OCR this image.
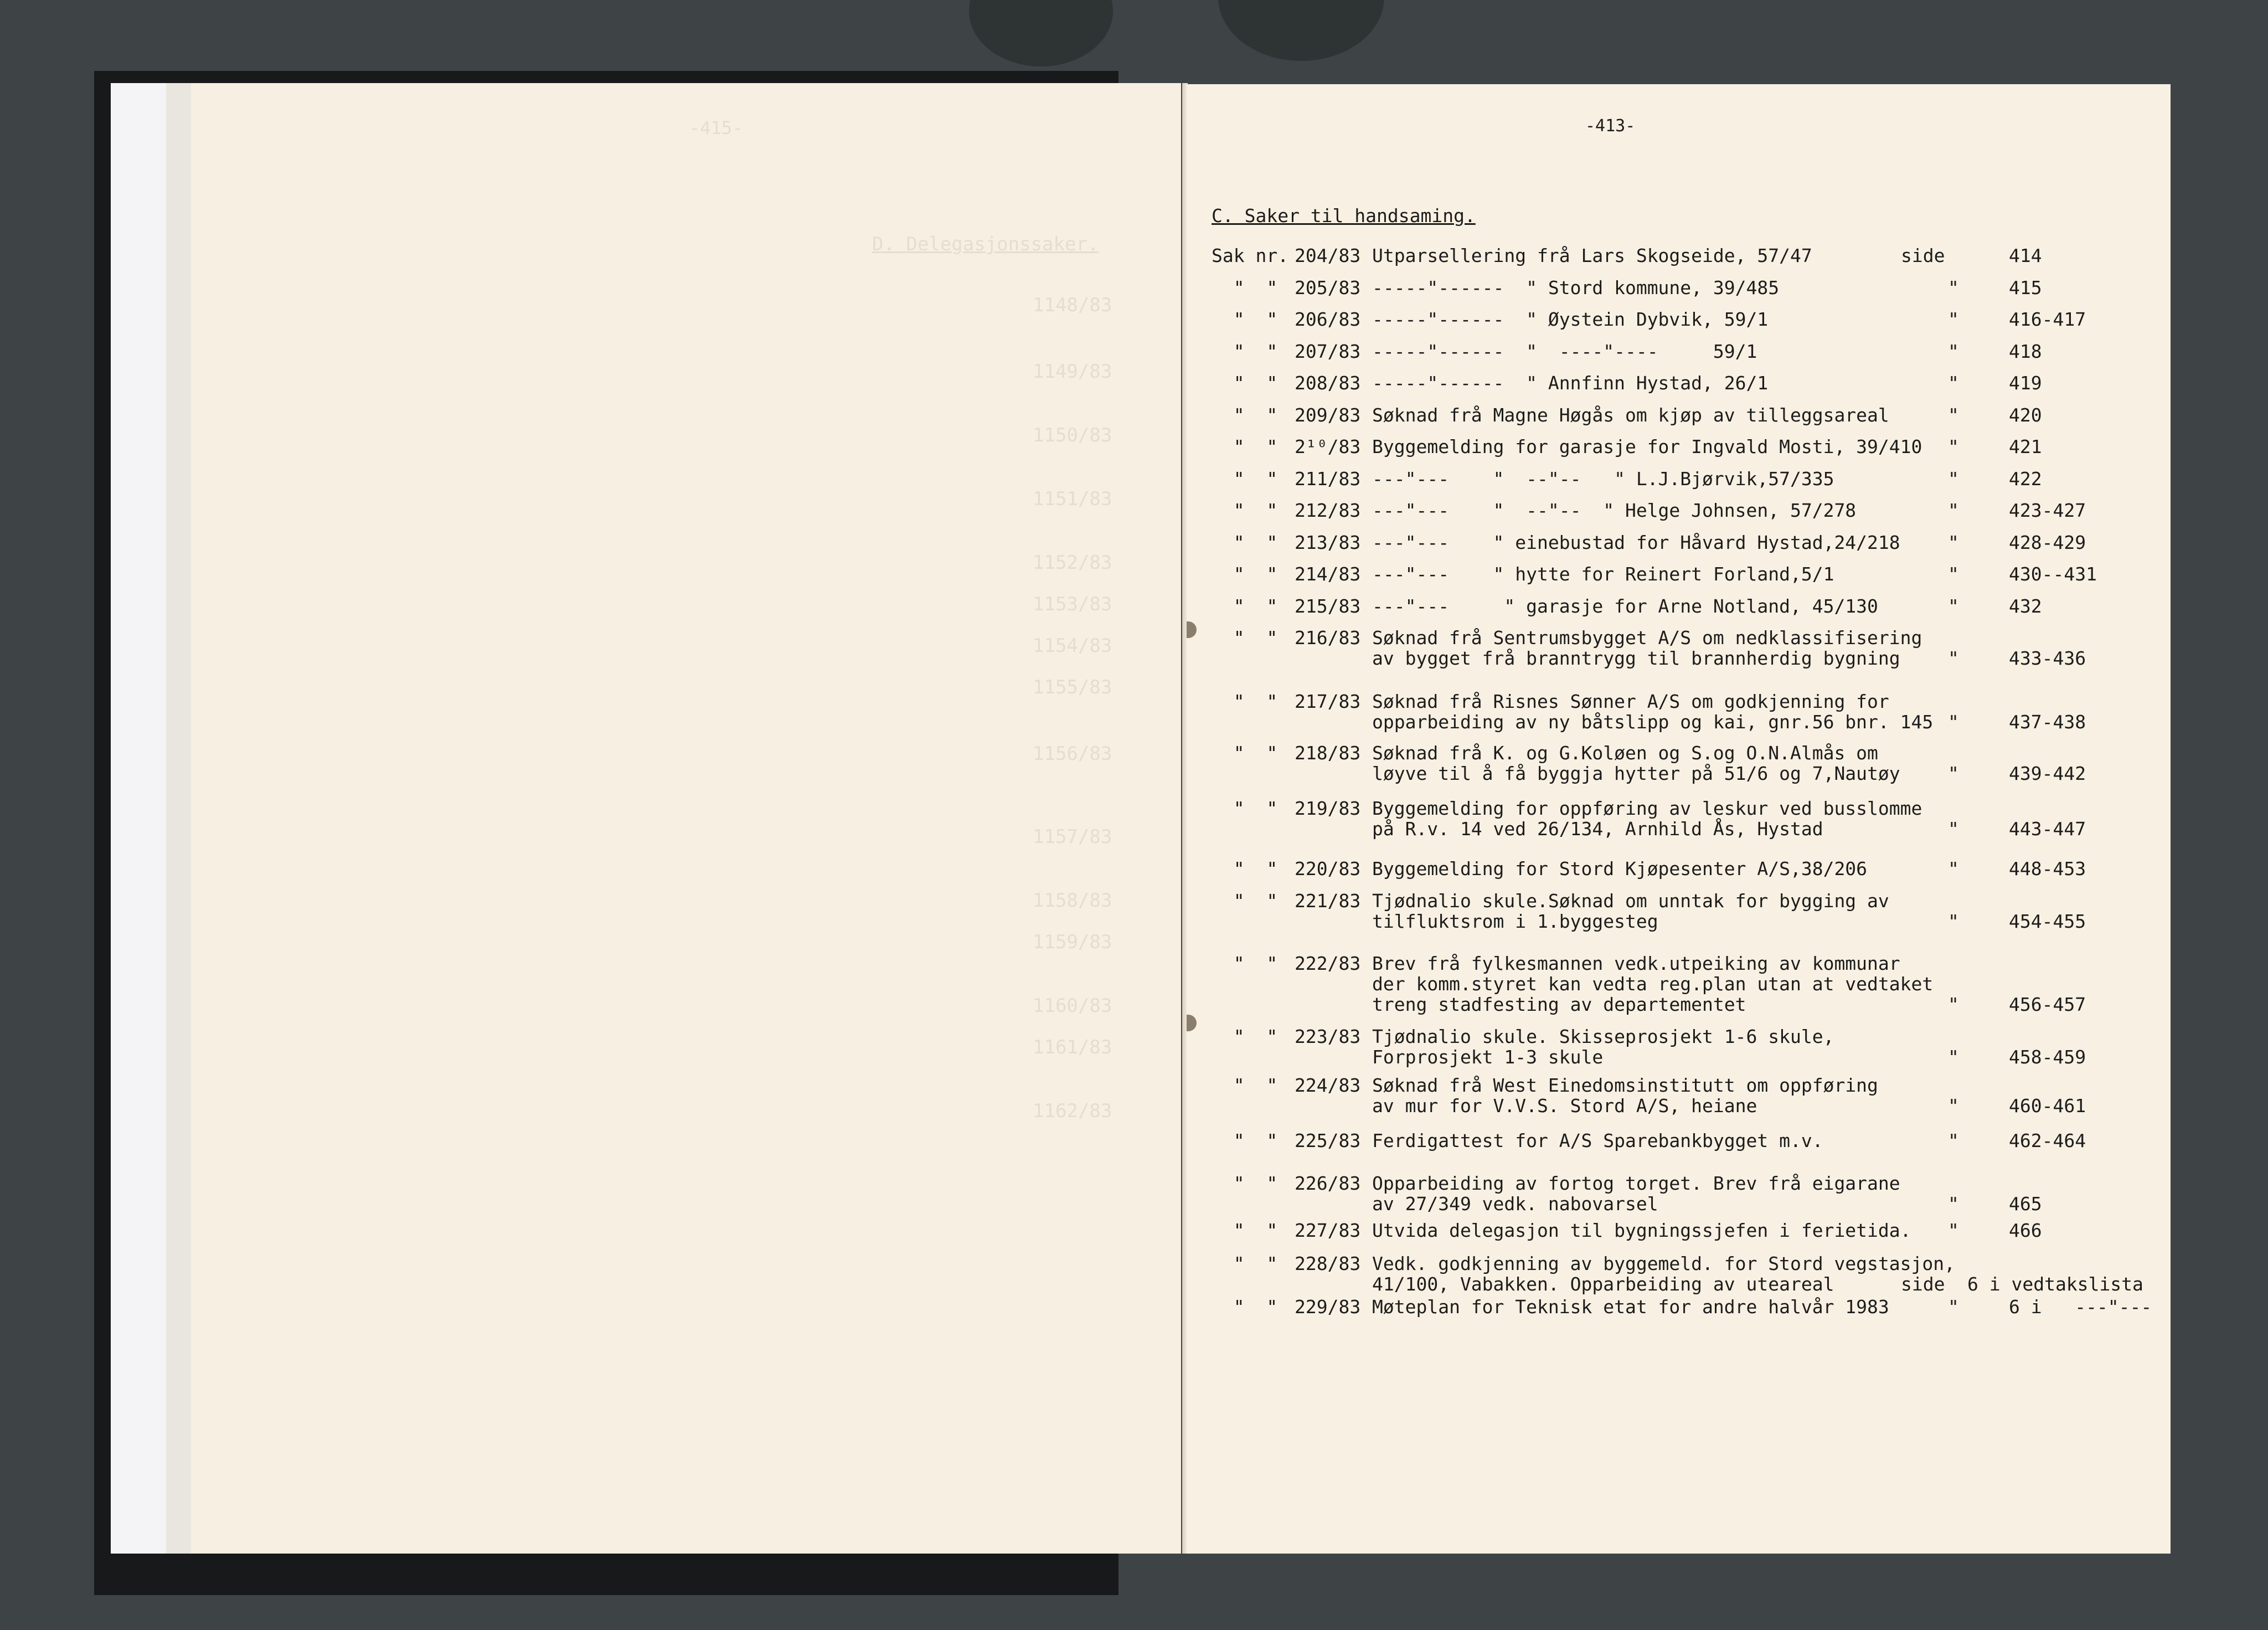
-415-
D. Delegasjonssaker.
1148/83
1149/83
1150/83
1151/83
1152/83
1153/83
1154/83
1155/83
1156/83
1157/83
1158/83
1159/83
1160/83
1161/83
1162/83
-413-
C. Saker til handsaming.
Sak nr. 204/83 Utparsellering frå Lars Skogseide, 57/47	side	414
"  " 205/83 -----"------  " Stord kommune, 39/485	"	415
"  " 206/83 -----"------  " Øystein Dybvik, 59/1	"	416-417
"  " 207/83 -----"------  "  ----"----     59/1	"	418
"  " 208/83 -----"------  " Annfinn Hystad, 26/1	"	419
"  " 209/83 Søknad frå Magne Høgås om kjøp av tilleggsareal	"	420
"  " 2¹⁰/83 Byggemelding for garasje for Ingvald Mosti, 39/410 "	421
"  " 211/83 ---"---    "  --"--   " L.J.Bjørvik,57/335	"	422
"  " 212/83 ---"---    "  --"--  " Helge Johnsen, 57/278	"	423-427
"  " 213/83 ---"---    " einebustad for Håvard Hystad,24/218	"	428-429
"  " 214/83 ---"---    " hytte for Reinert Forland,5/1	"	430--431
"  " 215/83 ---"---     " garasje for Arne Notland, 45/130	"	432
"  " 216/83 Søknad frå Sentrumsbygget A/S om nedklassifisering
av bygget frå branntrygg til brannherdig bygning	"	433-436
"  " 217/83 Søknad frå Risnes Sønner A/S om godkjenning for
opparbeiding av ny båtslipp og kai, gnr.56 bnr. 145 "	437-438
"  " 218/83 Søknad frå K. og G.Koløen og S.og O.N.Almås om
løyve til å få byggja hytter på 51/6 og 7,Nautøy	"	439-442
"  " 219/83 Byggemelding for oppføring av leskur ved busslomme
på R.v. 14 ved 26/134, Arnhild Ås, Hystad	"	443-447
"  " 220/83 Byggemelding for Stord Kjøpesenter A/S,38/206	"	448-453
"  " 221/83 Tjødnalio skule.Søknad om unntak for bygging av
tilfluktsrom i 1.byggesteg	"	454-455
"  " 222/83 Brev frå fylkesmannen vedk.utpeiking av kommunar
der komm.styret kan vedta reg.plan utan at vedtaket
treng stadfesting av departementet	"	456-457
"  " 223/83 Tjødnalio skule. Skisseprosjekt 1-6 skule,
Forprosjekt 1-3 skule	"	458-459
"  " 224/83 Søknad frå West Einedomsinstitutt om oppføring
av mur for V.V.S. Stord A/S, heiane	"	460-461
"  " 225/83 Ferdigattest for A/S Sparebankbygget m.v.	"	462-464
"  " 226/83 Opparbeiding av fortog torget. Brev frå eigarane
av 27/349 vedk. nabovarsel	"	465
"  " 227/83 Utvida delegasjon til bygningssjefen i ferietida. "	466
"  " 228/83 Vedk. godkjenning av byggemeld. for Stord vegstasjon,
41/100, Vabakken. Opparbeiding av uteareal	side 6 i vedtakslista
"  " 229/83 Møteplan for Teknisk etat for andre halvår 1983	"	6 i   ---"---
